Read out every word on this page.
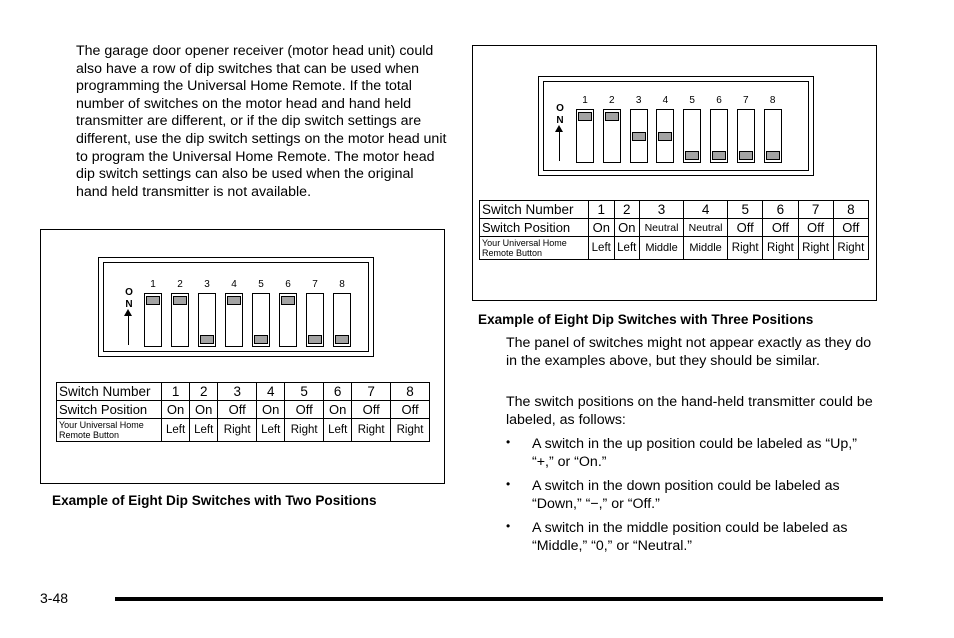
The garage door opener receiver (motor head unit) could also have a row of dip switches that can be used when programming the Universal Home Remote. If the total number of switches on the motor head and hand held transmitter are different, or if the dip switch settings are different, use the dip switch settings on the motor head unit to program the Universal Home Remote. The motor head dip switch settings can also be used when the original hand held transmitter is not available.

O
N
1	2	3	4	5	6	7	8
Switch Number	1	2	3	4	5	6	7	8
Switch Position	On	On	Off	On	Off	On	Off	Off
Your Universal Home
Remote Button	Left	Left	Right	Left	Right	Left	Right	Right
Example of Eight Dip Switches with Two Positions
O
N
1	2	3	4	5	6	7	8
Switch Number	1	2	3	4	5	6	7	8
Switch Position	On	On	Neutral	Neutral	Off	Off	Off	Off
Your Universal Home
Remote Button	Left	Left	Middle	Middle	Right	Right	Right	Right
Example of Eight Dip Switches with Three Positions

The panel of switches might not appear exactly as they do in the examples above, but they should be similar.

The switch positions on the hand-held transmitter could be labeled, as follows:

• A switch in the up position could be labeled as “Up,” “+,” or “On.”
• A switch in the down position could be labeled as “Down,” “−,” or “Off.”
• A switch in the middle position could be labeled as “Middle,” “0,” or “Neutral.”
3-48
